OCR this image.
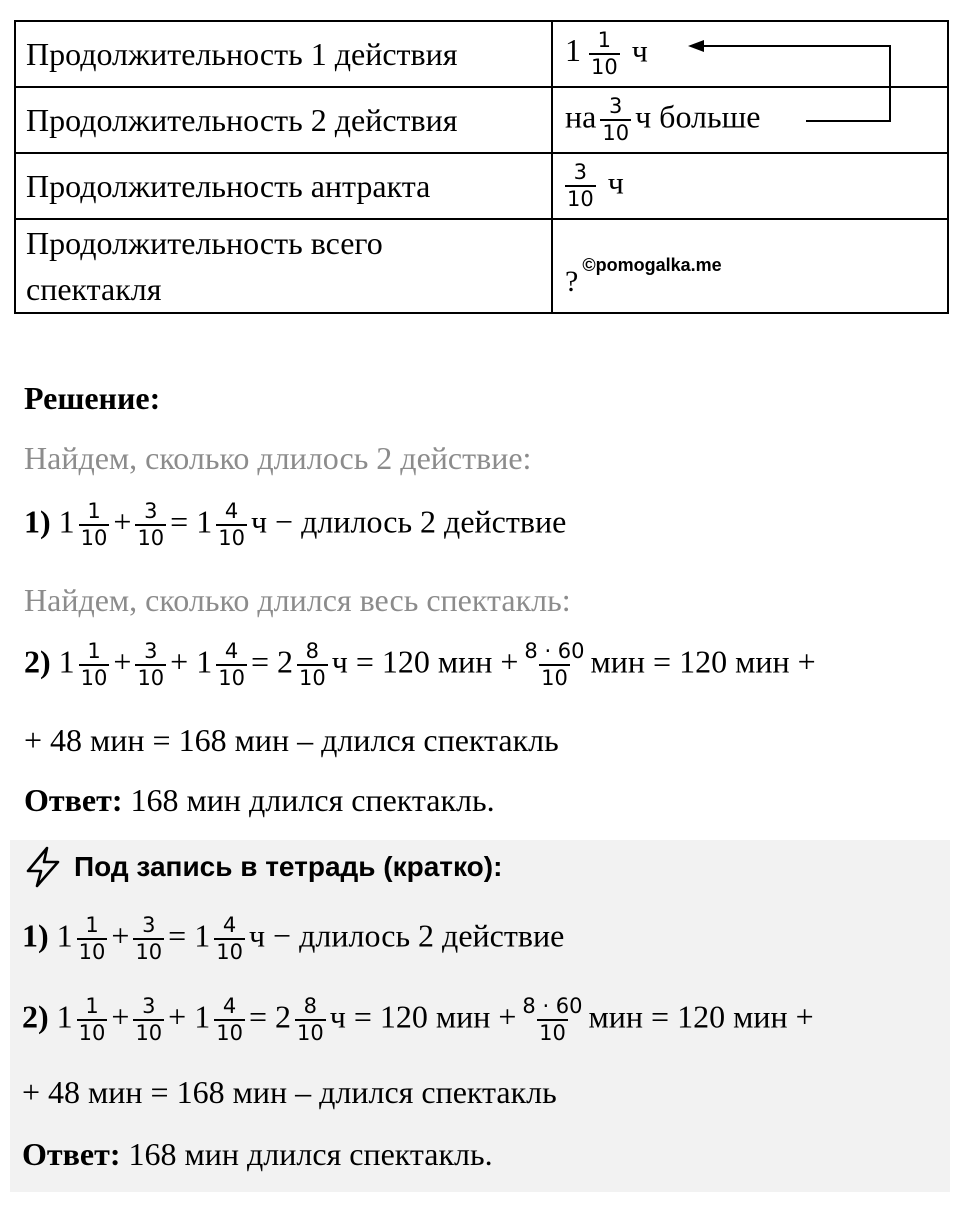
Продолжительность 1 действия	$1 \frac{1}{10}$ ч
Продолжительность 2 действия	на $\frac{3}{10}$ ч больше
Продолжительность антракта	$\frac{3}{10}$ ч
Продолжительность всего
спектакля	? ©pomogalka.me
Решение:
Найдем, сколько длилось 2 действие:
1) $1 \frac{1}{10} + \frac{3}{10} = 1 \frac{4}{10}$ ч − длилось 2 действие
Найдем, сколько длился весь спектакль:
2) $1 \frac{1}{10} + \frac{3}{10} + 1 \frac{4}{10} = 2 \frac{8}{10}$ ч = 120 мин + $\frac{8 \cdot 60}{10}$ мин = 120 мин +
+ 48 мин = 168 мин – длился спектакль
Ответ: 168 мин длился спектакль.
Под запись в тетрадь (кратко):
1) $1 \frac{1}{10} + \frac{3}{10} = 1 \frac{4}{10}$ ч − длилось 2 действие
2) $1 \frac{1}{10} + \frac{3}{10} + 1 \frac{4}{10} = 2 \frac{8}{10}$ ч = 120 мин + $\frac{8 \cdot 60}{10}$ мин = 120 мин +
+ 48 мин = 168 мин – длился спектакль
Ответ: 168 мин длился спектакль.
